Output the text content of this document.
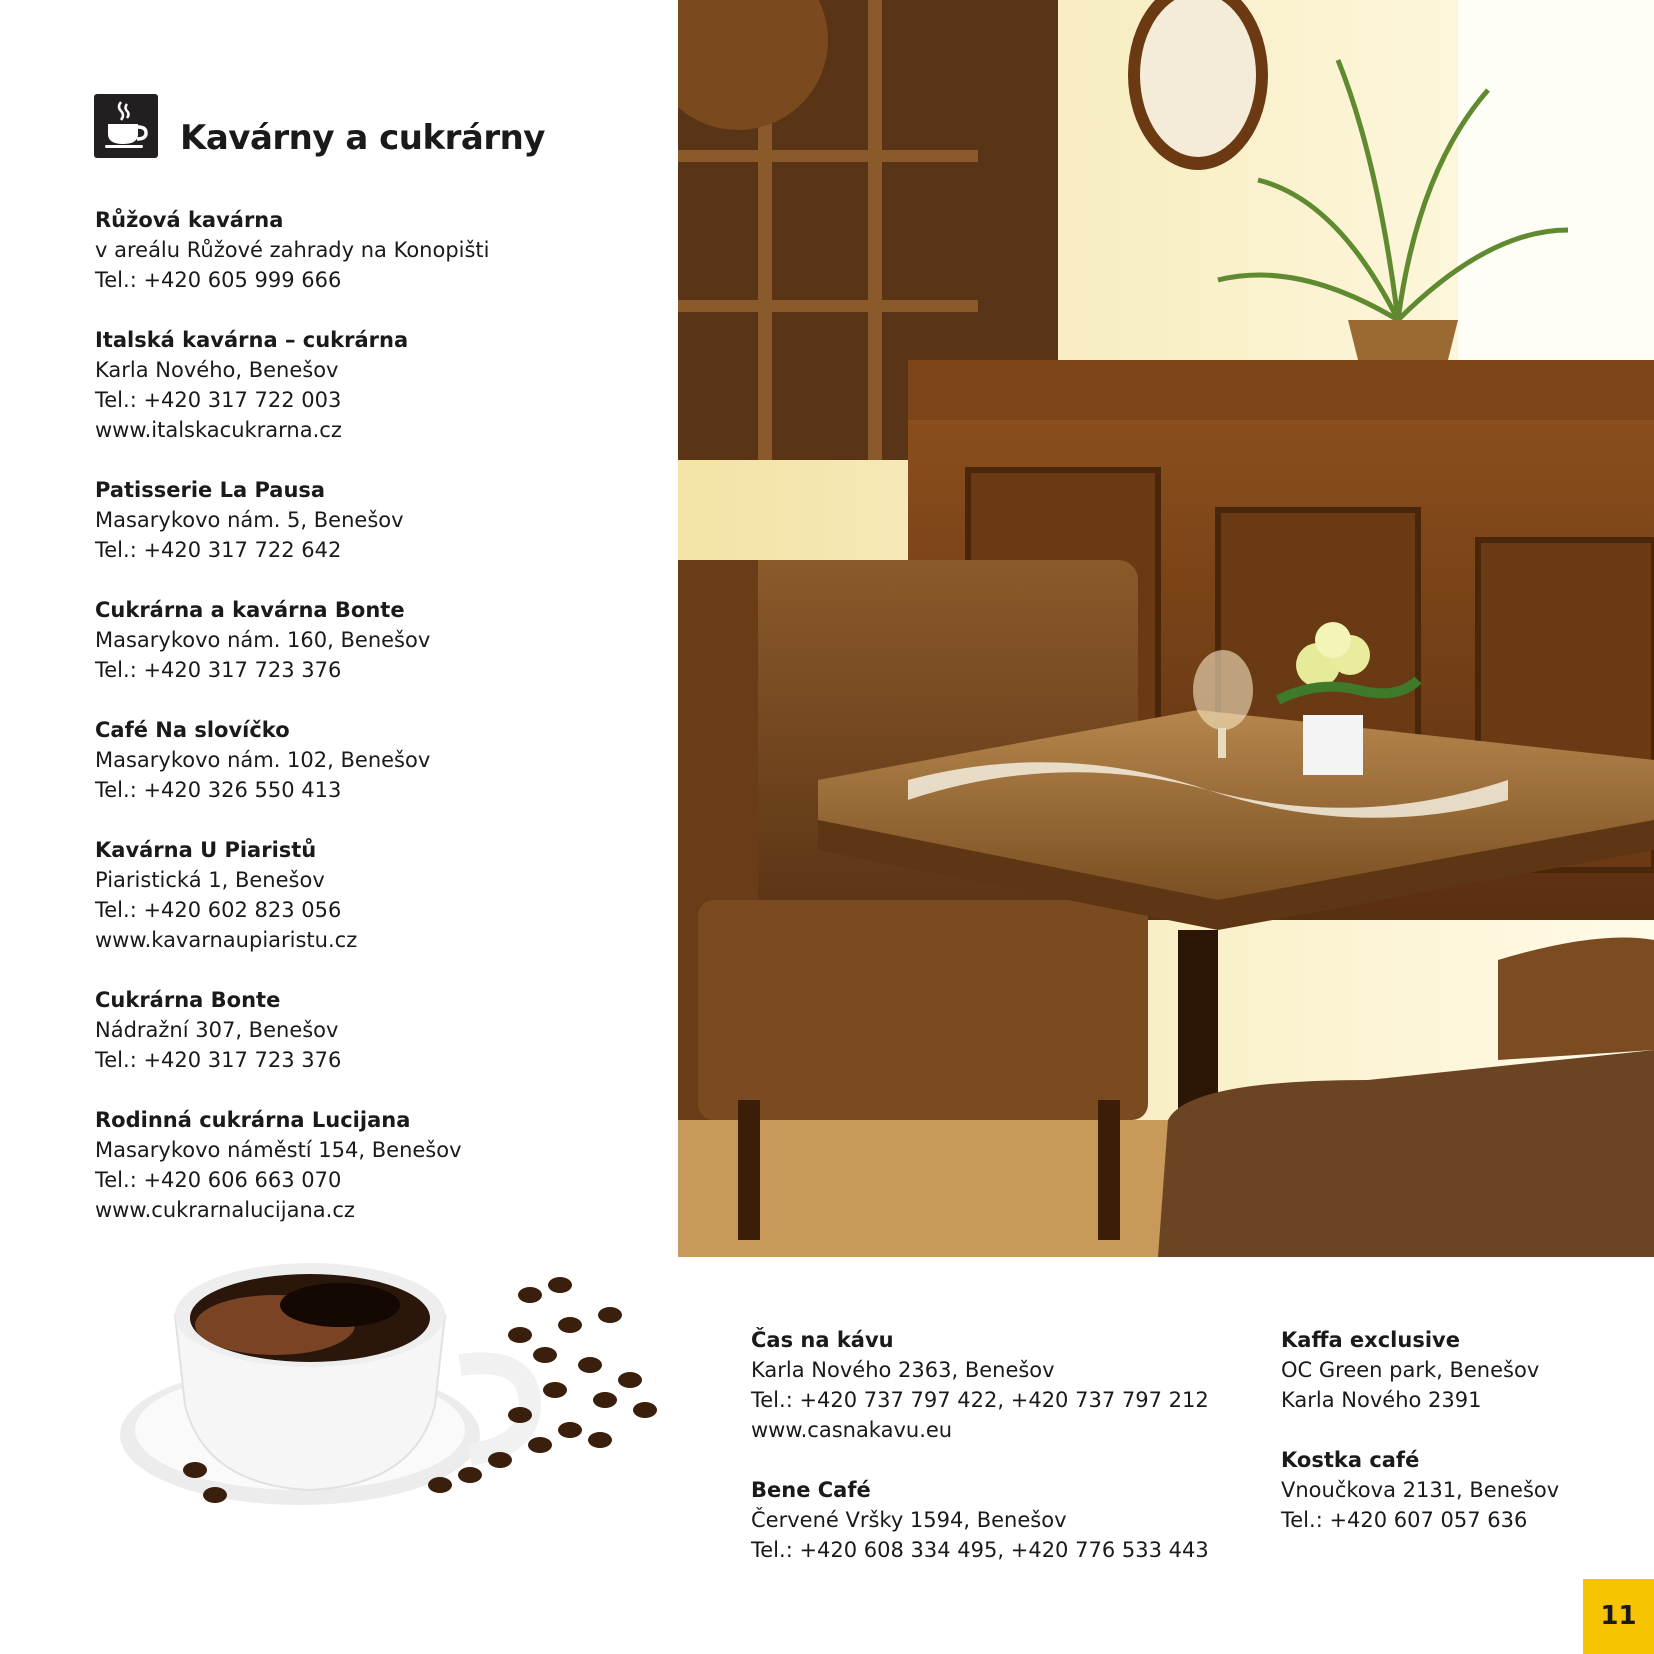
Kavárny a cukrárny
Růžová kavárna
v areálu Růžové zahrady na Konopišti
Tel.: +420 605 999 666
Italská kavárna – cukrárna
Karla Nového, Benešov
Tel.: +420 317 722 003
www.italskacukrarna.cz
Patisserie La Pausa
Masarykovo nám. 5, Benešov
Tel.: +420 317 722 642
Cukrárna a kavárna Bonte
Masarykovo nám. 160, Benešov
Tel.: +420 317 723 376
Café Na slovíčko
Masarykovo nám. 102, Benešov
Tel.: +420 326 550 413
Kavárna U Piaristů
Piaristická 1, Benešov
Tel.: +420 602 823 056
www.kavarnaupiaristu.cz
Cukrárna Bonte
Nádražní 307, Benešov
Tel.: +420 317 723 376
Rodinná cukrárna Lucijana
Masarykovo náměstí 154, Benešov
Tel.: +420 606 663 070
www.cukrarnalucijana.cz
Čas na kávu
Karla Nového 2363, Benešov
Tel.: +420 737 797 422, +420 737 797 212
www.casnakavu.eu
Bene Café
Červené Vršky 1594, Benešov
Tel.: +420 608 334 495, +420 776 533 443
Kaffa exclusive
OC Green park, Benešov
Karla Nového 2391
Kostka café
Vnoučkova 2131, Benešov
Tel.: +420 607 057 636
11
